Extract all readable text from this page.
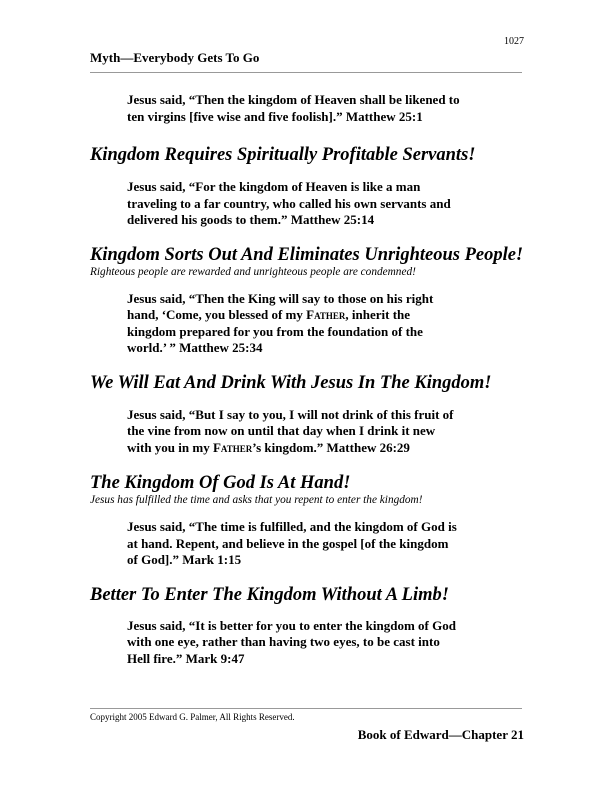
1027
Myth—Everybody Gets To Go

Jesus said, “Then the kingdom of Heaven shall be likened to
ten virgins [five wise and five foolish].” Matthew 25:1

Kingdom Requires Spiritually Profitable Servants!

Jesus said, “For the kingdom of Heaven is like a man
traveling to a far country, who called his own servants and
delivered his goods to them.” Matthew 25:14

Kingdom Sorts Out And Eliminates Unrighteous People!

Righteous people are rewarded and unrighteous people are condemned!

Jesus said, “Then the King will say to those on his right
hand, ‘Come, you blessed of my Father, inherit the
kingdom prepared for you from the foundation of the
world.’ ” Matthew 25:34

We Will Eat And Drink With Jesus In The Kingdom!

Jesus said, “But I say to you, I will not drink of this fruit of
the vine from now on until that day when I drink it new
with you in my Father’s kingdom.” Matthew 26:29

The Kingdom Of God Is At Hand!

Jesus has fulfilled the time and asks that you repent to enter the kingdom!

Jesus said, “The time is fulfilled, and the kingdom of God is
at hand. Repent, and believe in the gospel [of the kingdom
of God].” Mark 1:15

Better To Enter The Kingdom Without A Limb!

Jesus said, “It is better for you to enter the kingdom of God
with one eye, rather than having two eyes, to be cast into
Hell fire.” Mark 9:47

Copyright 2005 Edward G. Palmer, All Rights Reserved.
Book of Edward—Chapter 21
